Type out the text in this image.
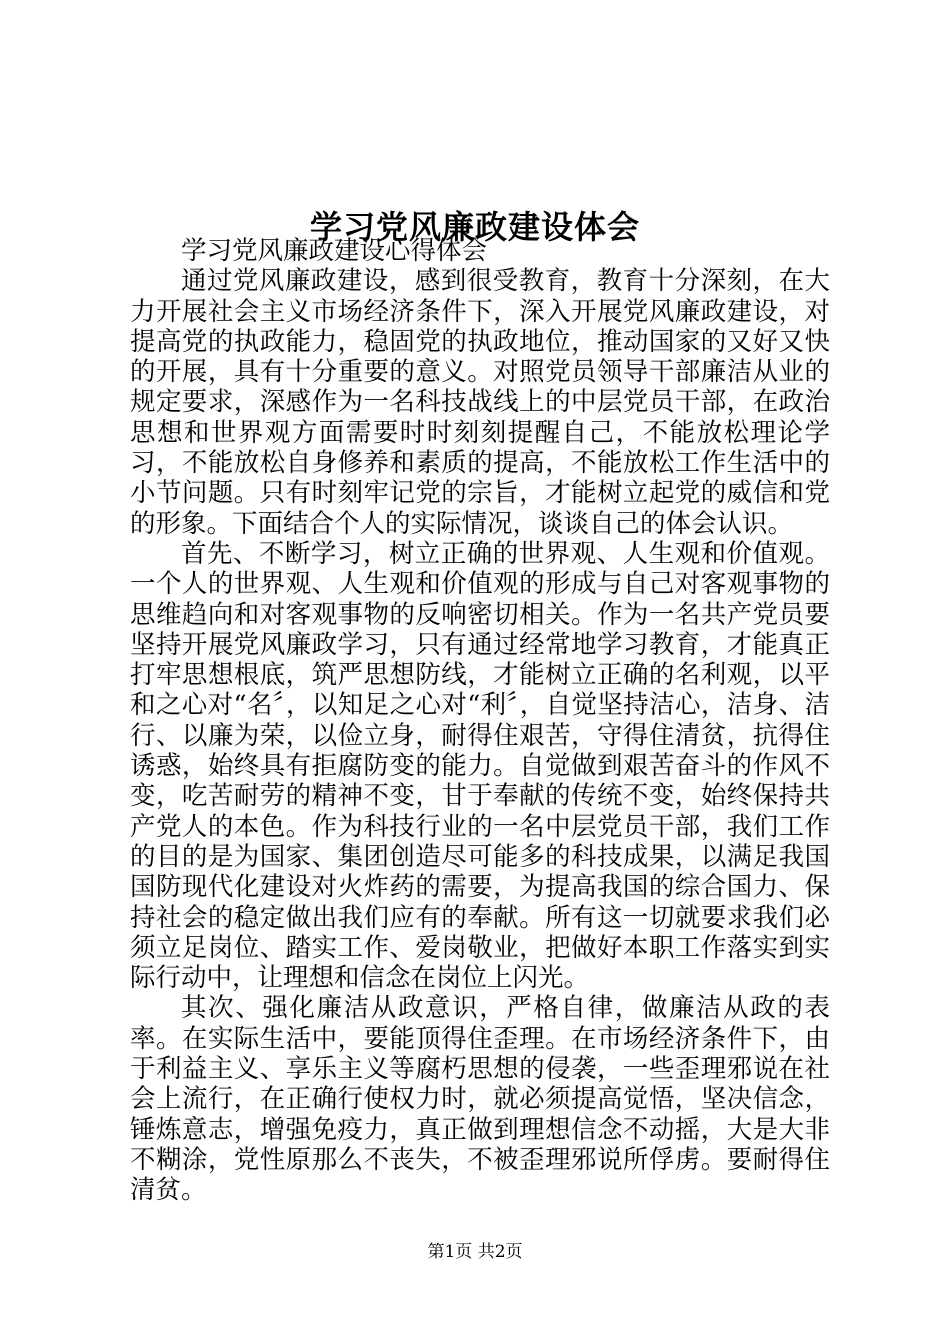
学习党风廉政建设体会

学习党风廉政建设心得体会

通过党风廉政建设，感到很受教育，教育十分深刻，在大力开展社会主义市场经济条件下，深入开展党风廉政建设，对提高党的执政能力，稳固党的执政地位，推动国家的又好又快的开展，具有十分重要的意义。对照党员领导干部廉洁从业的规定要求，深感作为一名科技战线上的中层党员干部，在政治思想和世界观方面需要时时刻刻提醒自己，不能放松理论学习，不能放松自身修养和素质的提高，不能放松工作生活中的小节问题。只有时刻牢记党的宗旨，才能树立起党的威信和党的形象。下面结合个人的实际情况，谈谈自己的体会认识。

首先、不断学习，树立正确的世界观、人生观和价值观。一个人的世界观、人生观和价值观的形成与自己对客观事物的思维趋向和对客观事物的反响密切相关。作为一名共产党员要坚持开展党风廉政学习，只有通过经常地学习教育，才能真正打牢思想根底，筑严思想防线，才能树立正确的名利观，以平和之心对“名〞，以知足之心对“利〞，自觉坚持洁心，洁身、洁行、以廉为荣，以俭立身，耐得住艰苦，守得住清贫，抗得住诱惑，始终具有拒腐防变的能力。自觉做到艰苦奋斗的作风不变，吃苦耐劳的精神不变，甘于奉献的传统不变，始终保持共产党人的本色。作为科技行业的一名中层党员干部，我们工作的目的是为国家、集团创造尽可能多的科技成果，以满足我国国防现代化建设对火炸药的需要，为提高我国的综合国力、保持社会的稳定做出我们应有的奉献。所有这一切就要求我们必须立足岗位、踏实工作、爱岗敬业，把做好本职工作落实到实际行动中，让理想和信念在岗位上闪光。

其次、强化廉洁从政意识，严格自律，做廉洁从政的表率。在实际生活中，要能顶得住歪理。在市场经济条件下，由于利益主义、享乐主义等腐朽思想的侵袭，一些歪理邪说在社会上流行，在正确行使权力时，就必须提高觉悟，坚决信念，锤炼意志，增强免疫力，真正做到理想信念不动摇，大是大非不糊涂，党性原那么不丧失，不被歪理邪说所俘虏。要耐得住清贫。

第1页 共2页
